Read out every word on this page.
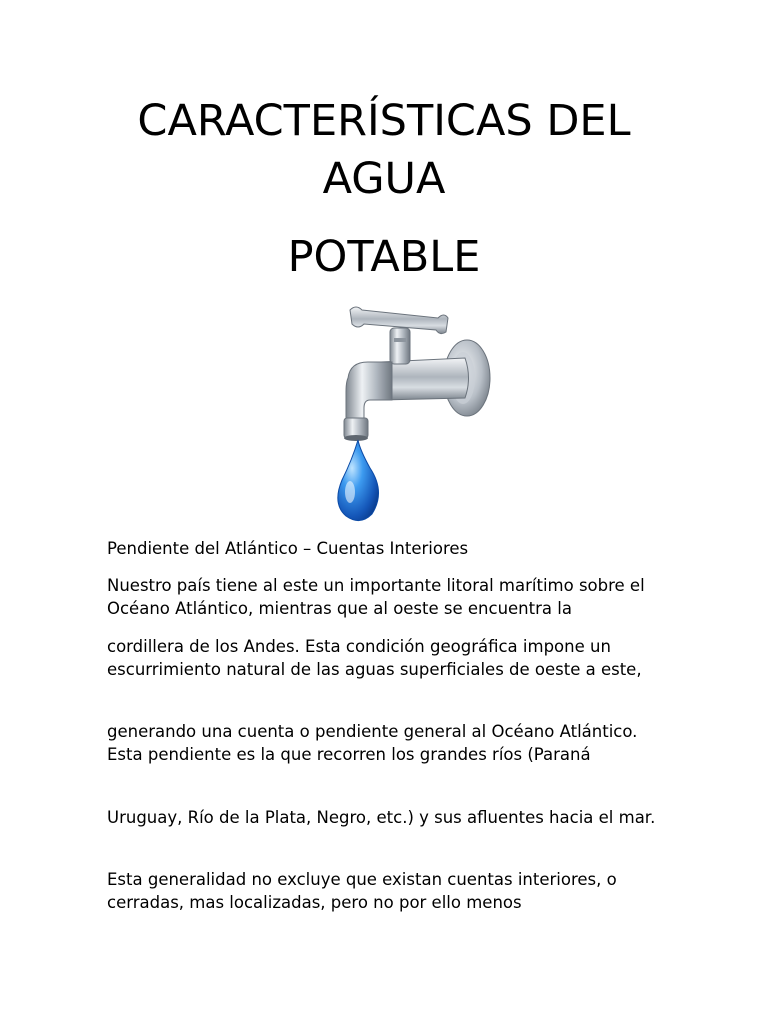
CARACTERÍSTICAS DEL
AGUA
POTABLE

Pendiente del Atlántico – Cuentas Interiores

Nuestro país tiene al este un importante litoral marítimo sobre el Océano Atlántico, mientras que al oeste se encuentra la

cordillera de los Andes. Esta condición geográfica impone un escurrimiento natural de las aguas superficiales de oeste a este,

generando una cuenta o pendiente general al Océano Atlántico. Esta pendiente es la que recorren los grandes ríos (Paraná

Uruguay, Río de la Plata, Negro, etc.) y sus afluentes hacia el mar.

Esta generalidad no excluye que existan cuentas interiores, o cerradas, mas localizadas, pero no por ello menos
